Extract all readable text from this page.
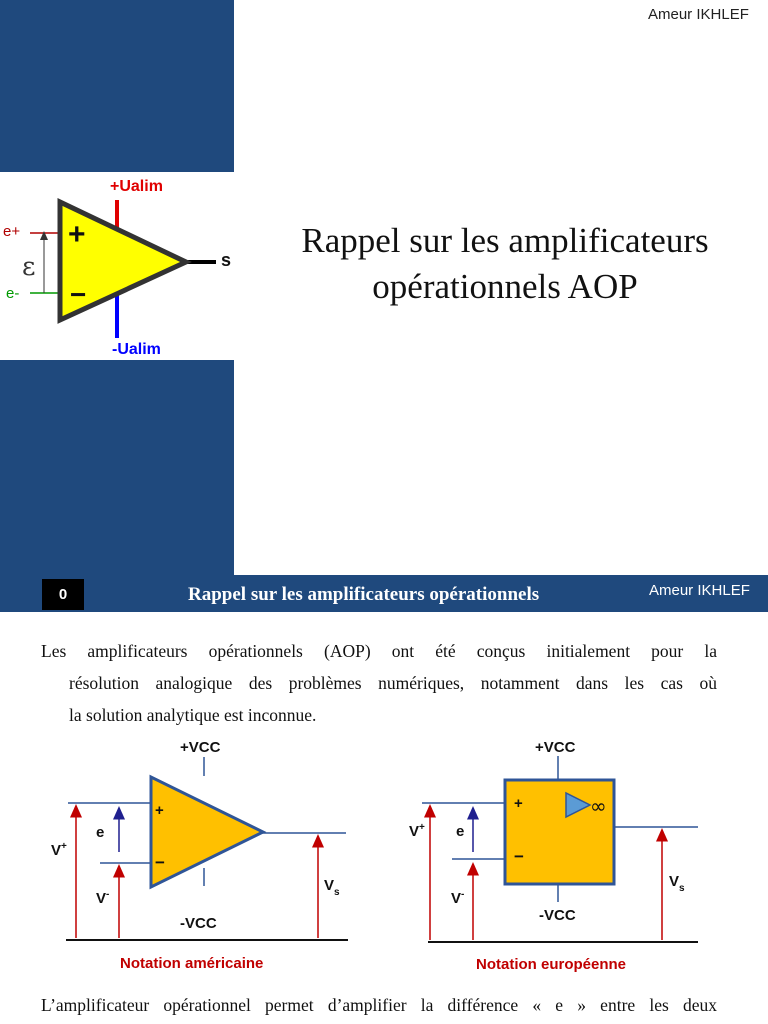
+Ualim
-Ualim
e+
e-
ε
+
−
s
Ameur IKHLEF
Rappel sur les amplificateurs
opérationnels AOP
0	Rappel sur les amplificateurs opérationnels	Ameur IKHLEF
Les amplificateurs opérationnels (AOP) ont été conçus initialement pour la
résolution analogique des problèmes numériques, notamment dans les cas où
la solution analytique est inconnue.
+VCC
-VCC
+
−
V+
V-
e
$V_s$
Notation américaine
∞
+VCC
-VCC
+
−
V+
V-
e
$V_s$
Notation européenne
L’amplificateur opérationnel permet d’amplifier la différence « e » entre les deux
